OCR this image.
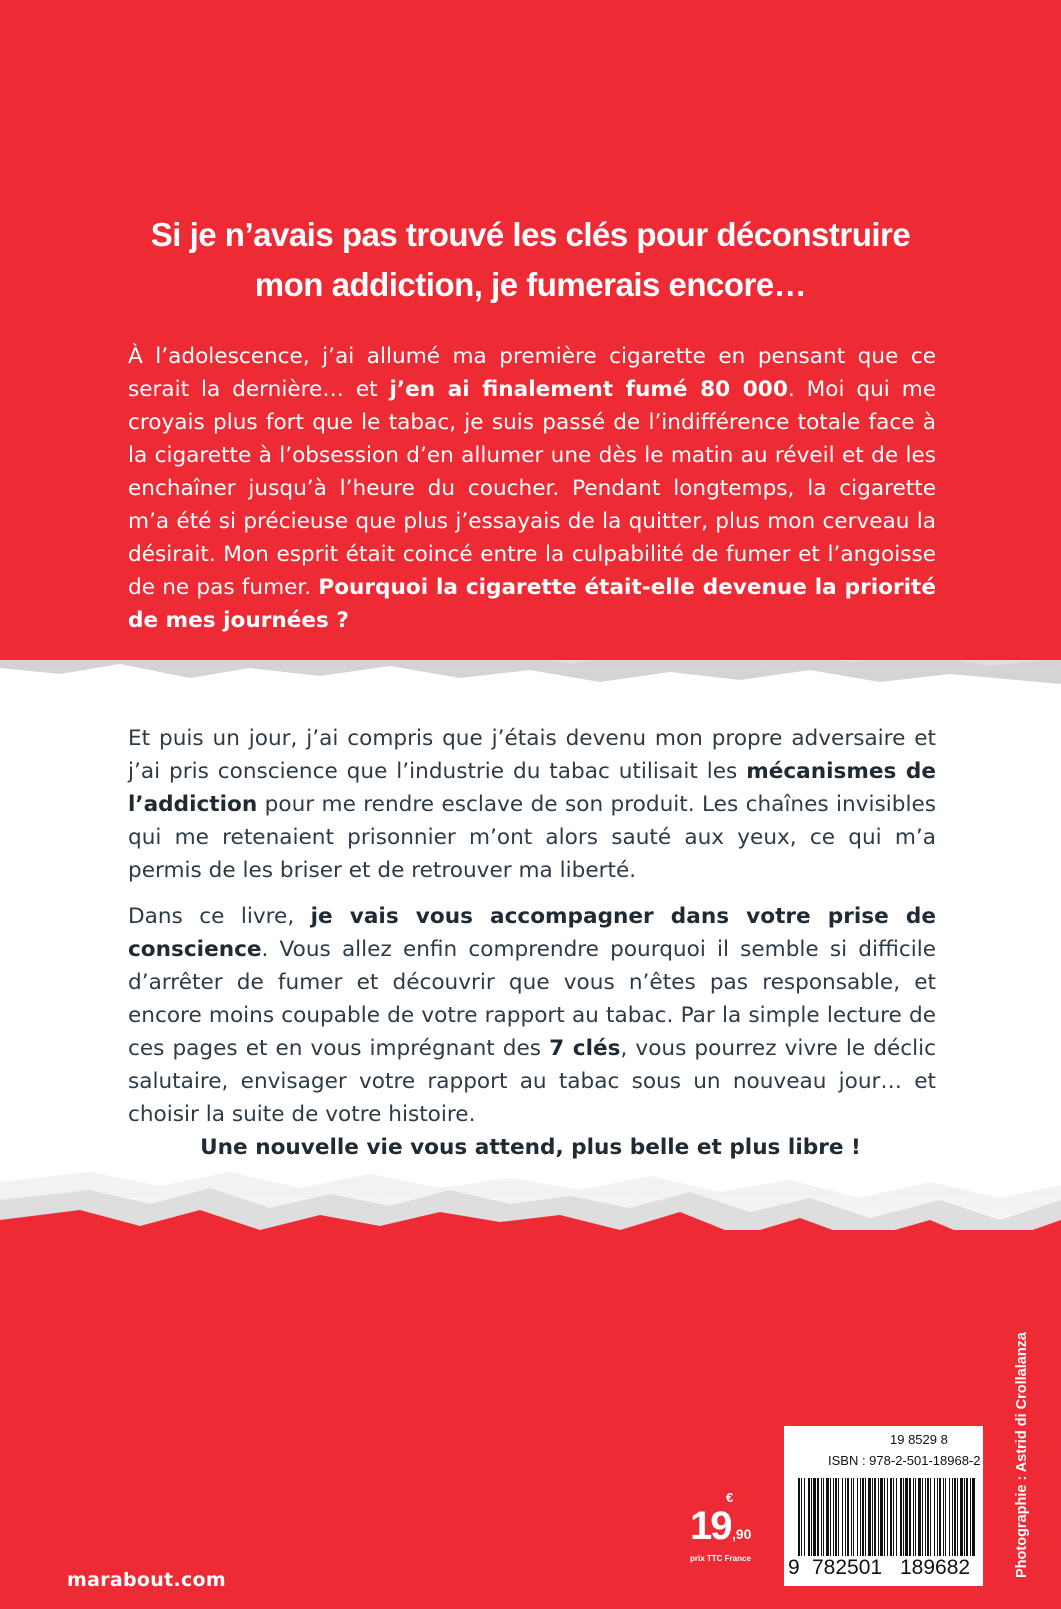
Si je n’avais pas trouvé les clés pour déconstruire
mon addiction, je fumerais encore…

À l’adolescence, j’ai allumé ma première cigarette en pensant que ce serait la dernière… et j’en ai finalement fumé 80 000. Moi qui me croyais plus fort que le tabac, je suis passé de l’indifférence totale face à la cigarette à l’obsession d’en allumer une dès le matin au réveil et de les enchaîner jusqu’à l’heure du coucher. Pendant longtemps, la cigarette m’a été si précieuse que plus j’essayais de la quitter, plus mon cerveau la désirait. Mon esprit était coincé entre la culpabilité de fumer et l’angoisse de ne pas fumer. Pourquoi la cigarette était-elle devenue la priorité de mes journées ?

Et puis un jour, j’ai compris que j’étais devenu mon propre adversaire et j’ai pris conscience que l’industrie du tabac utilisait les mécanismes de l’addiction pour me rendre esclave de son produit. Les chaînes invisibles qui me retenaient prisonnier m’ont alors sauté aux yeux, ce qui m’a permis de les briser et de retrouver ma liberté.

Dans ce livre, je vais vous accompagner dans votre prise de conscience. Vous allez enfin comprendre pourquoi il semble si difficile d’arrêter de fumer et découvrir que vous n’êtes pas responsable, et encore moins coupable de votre rapport au tabac. Par la simple lecture de ces pages et en vous imprégnant des 7 clés, vous pourrez vivre le déclic salutaire, envisager votre rapport au tabac sous un nouveau jour… et choisir la suite de votre histoire.

Une nouvelle vie vous attend, plus belle et plus libre !
marabout.com
€
19 ,90
prix TTC France
19 8529 8
ISBN : 978-2-501-18968-2
9 782501 189682	Photographie : Astrid di Crollalanza
